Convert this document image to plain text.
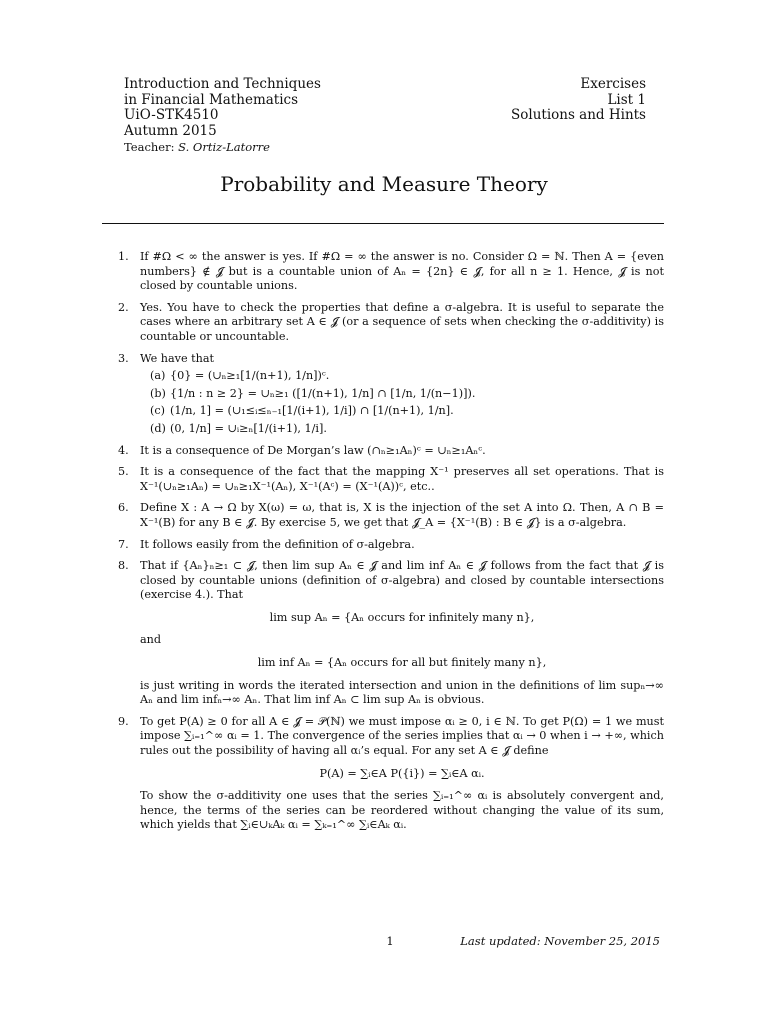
Introduction and Techniques
in Financial Mathematics
UiO-STK4510
Autumn 2015
Teacher: S. Ortiz-Latorre
Exercises
List 1
Solutions and Hints
Probability and Measure Theory
1. If #Ω < ∞ the answer is yes. If #Ω = ∞ the answer is no. Consider Ω = ℕ. Then A = {even numbers} ∉ 𝓙 but is a countable union of Aₙ = {2n} ∈ 𝓙, for all n ≥ 1. Hence, 𝓙 is not closed by countable unions.
2. Yes. You have to check the properties that define a σ-algebra. It is useful to separate the cases where an arbitrary set A ∈ 𝓙 (or a sequence of sets when checking the σ-additivity) is countable or uncountable.
3. We have that
(a) {0} = (∪ₙ≥₁[1/(n+1), 1/n])ᶜ.
(b) {1/n : n ≥ 2} = ∪ₙ≥₁ ([1/(n+1), 1/n] ∩ [1/n, 1/(n−1)]).
(c) (1/n, 1] = (∪₁≤ᵢ≤ₙ₋₁[1/(i+1), 1/i]) ∩ [1/(n+1), 1/n].
(d) (0, 1/n] = ∪ᵢ≥ₙ[1/(i+1), 1/i].
4. It is a consequence of De Morgan’s law (∩ₙ≥₁Aₙ)ᶜ = ∪ₙ≥₁Aₙᶜ.
5. It is a consequence of the fact that the mapping X⁻¹ preserves all set operations. That is X⁻¹(∪ₙ≥₁Aₙ) = ∪ₙ≥₁X⁻¹(Aₙ), X⁻¹(Aᶜ) = (X⁻¹(A))ᶜ, etc..
6. Define X : A → Ω by X(ω) = ω, that is, X is the injection of the set A into Ω. Then, A ∩ B = X⁻¹(B) for any B ∈ 𝓙. By exercise 5, we get that 𝓙_A = {X⁻¹(B) : B ∈ 𝓙} is a σ-algebra.
7. It follows easily from the definition of σ-algebra.
8. That if {Aₙ}ₙ≥₁ ⊂ 𝓙, then lim sup Aₙ ∈ 𝓙 and lim inf Aₙ ∈ 𝓙 follows from the fact that 𝓙 is closed by countable unions (definition of σ-algebra) and closed by countable intersections (exercise 4.). That
lim sup Aₙ = {Aₙ occurs for infinitely many n},
and
lim inf Aₙ = {Aₙ occurs for all but finitely many n},
is just writing in words the iterated intersection and union in the definitions of lim supₙ→∞ Aₙ and lim infₙ→∞ Aₙ. That lim inf Aₙ ⊂ lim sup Aₙ is obvious.
9. To get P(A) ≥ 0 for all A ∈ 𝓙 = 𝒫(ℕ) we must impose αᵢ ≥ 0, i ∈ ℕ. To get P(Ω) = 1 we must impose ∑ᵢ₌₁^∞ αᵢ = 1. The convergence of the series implies that αᵢ → 0 when i → +∞, which rules out the possibility of having all αᵢ’s equal. For any set A ∈ 𝓙 define
P(A) = ∑ᵢ∈A P({i}) = ∑ᵢ∈A αᵢ.
To show the σ-additivity one uses that the series ∑ᵢ₌₁^∞ αᵢ is absolutely convergent and, hence, the terms of the series can be reordered without changing the value of its sum, which yields that ∑ᵢ∈∪ₖAₖ αᵢ = ∑ₖ₌₁^∞ ∑ᵢ∈Aₖ αᵢ.
1	Last updated: November 25, 2015
